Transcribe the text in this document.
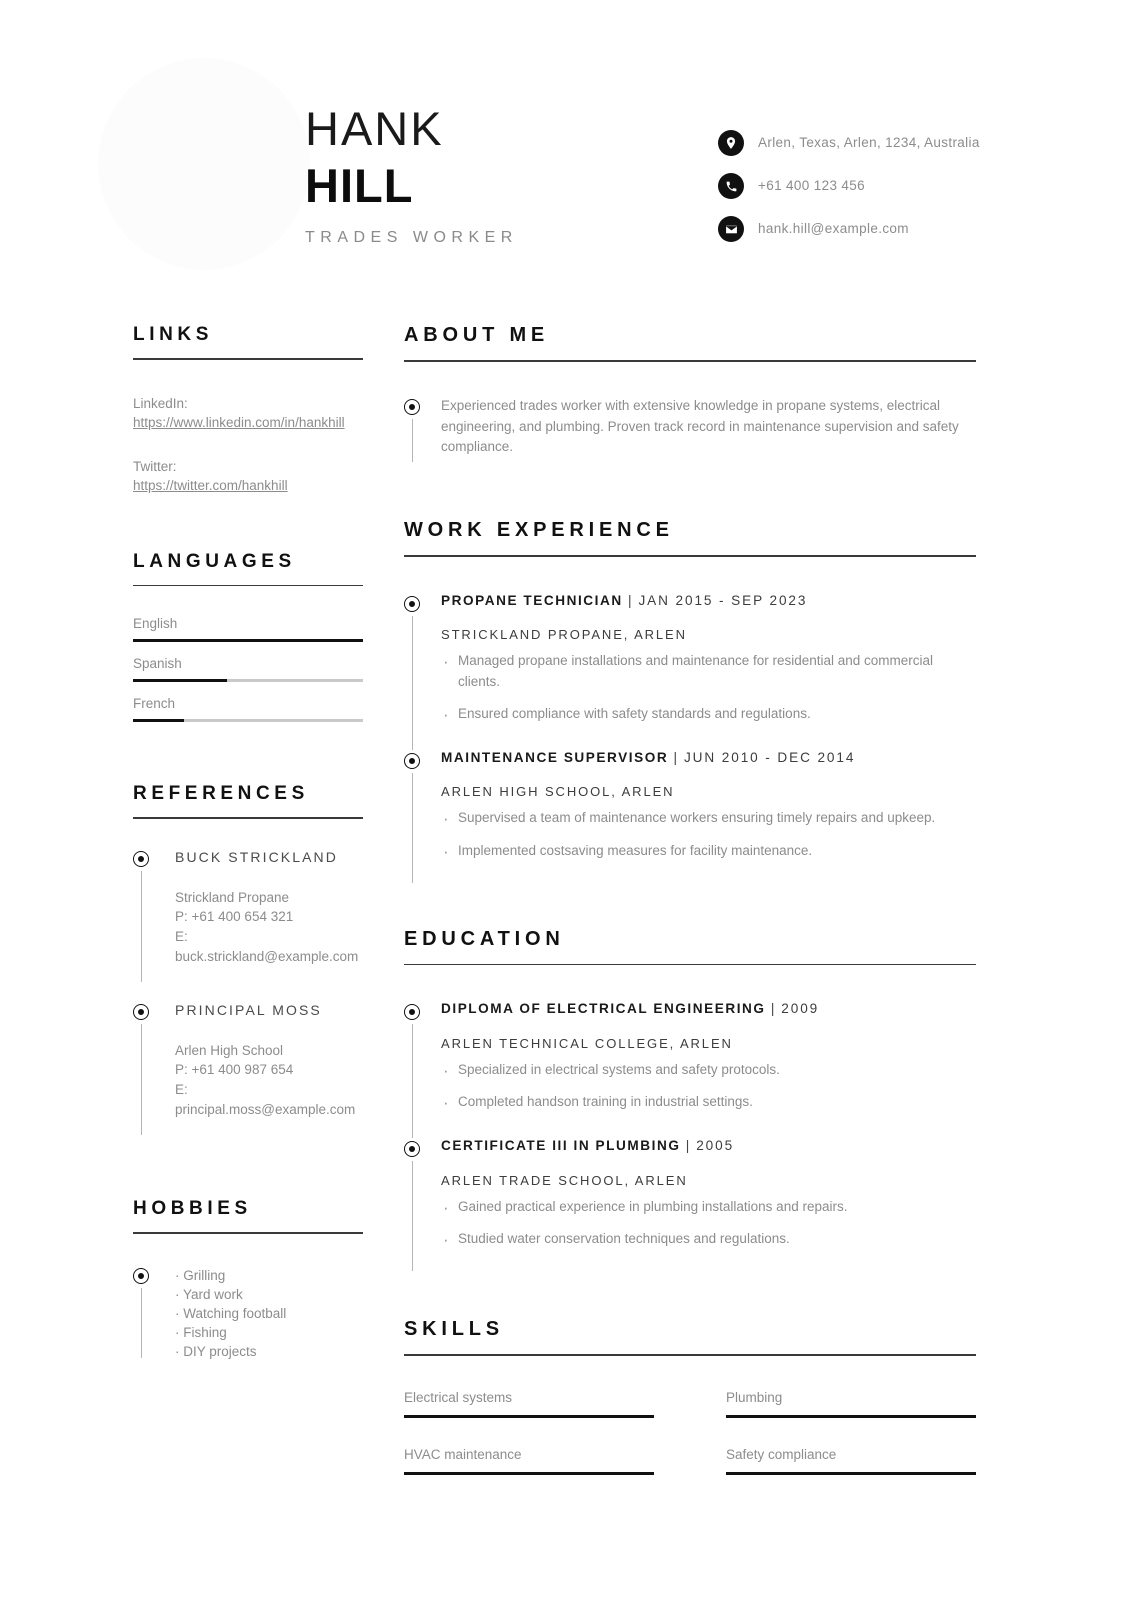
HANK
HILL
TRADES WORKER
Arlen, Texas, Arlen, 1234, Australia
+61 400 123 456
hank.hill@example.com
LINKS
LinkedIn:
https://www.linkedin.com/in/hankhill
Twitter:
https://twitter.com/hankhill
LANGUAGES
English
Spanish
French
REFERENCES
BUCK STRICKLAND
Strickland Propane
P: +61 400 654 321
E: buck.strickland@example.com
PRINCIPAL MOSS
Arlen High School
P: +61 400 987 654
E: principal.moss@example.com
HOBBIES
· Grilling
· Yard work
· Watching football
· Fishing
· DIY projects
ABOUT ME
Experienced trades worker with extensive knowledge in propane systems, electrical engineering, and plumbing. Proven track record in maintenance supervision and safety compliance.
WORK EXPERIENCE
PROPANE TECHNICIAN | JAN 2015 - SEP 2023
STRICKLAND PROPANE, ARLEN
· Managed propane installations and maintenance for residential and commercial clients.
· Ensured compliance with safety standards and regulations.
MAINTENANCE SUPERVISOR | JUN 2010 - DEC 2014
ARLEN HIGH SCHOOL, ARLEN
· Supervised a team of maintenance workers ensuring timely repairs and upkeep.
· Implemented costsaving measures for facility maintenance.
EDUCATION
DIPLOMA OF ELECTRICAL ENGINEERING | 2009
ARLEN TECHNICAL COLLEGE, ARLEN
· Specialized in electrical systems and safety protocols.
· Completed handson training in industrial settings.
CERTIFICATE III IN PLUMBING | 2005
ARLEN TRADE SCHOOL, ARLEN
· Gained practical experience in plumbing installations and repairs.
· Studied water conservation techniques and regulations.
SKILLS
Electrical systems	Plumbing
HVAC maintenance	Safety compliance
